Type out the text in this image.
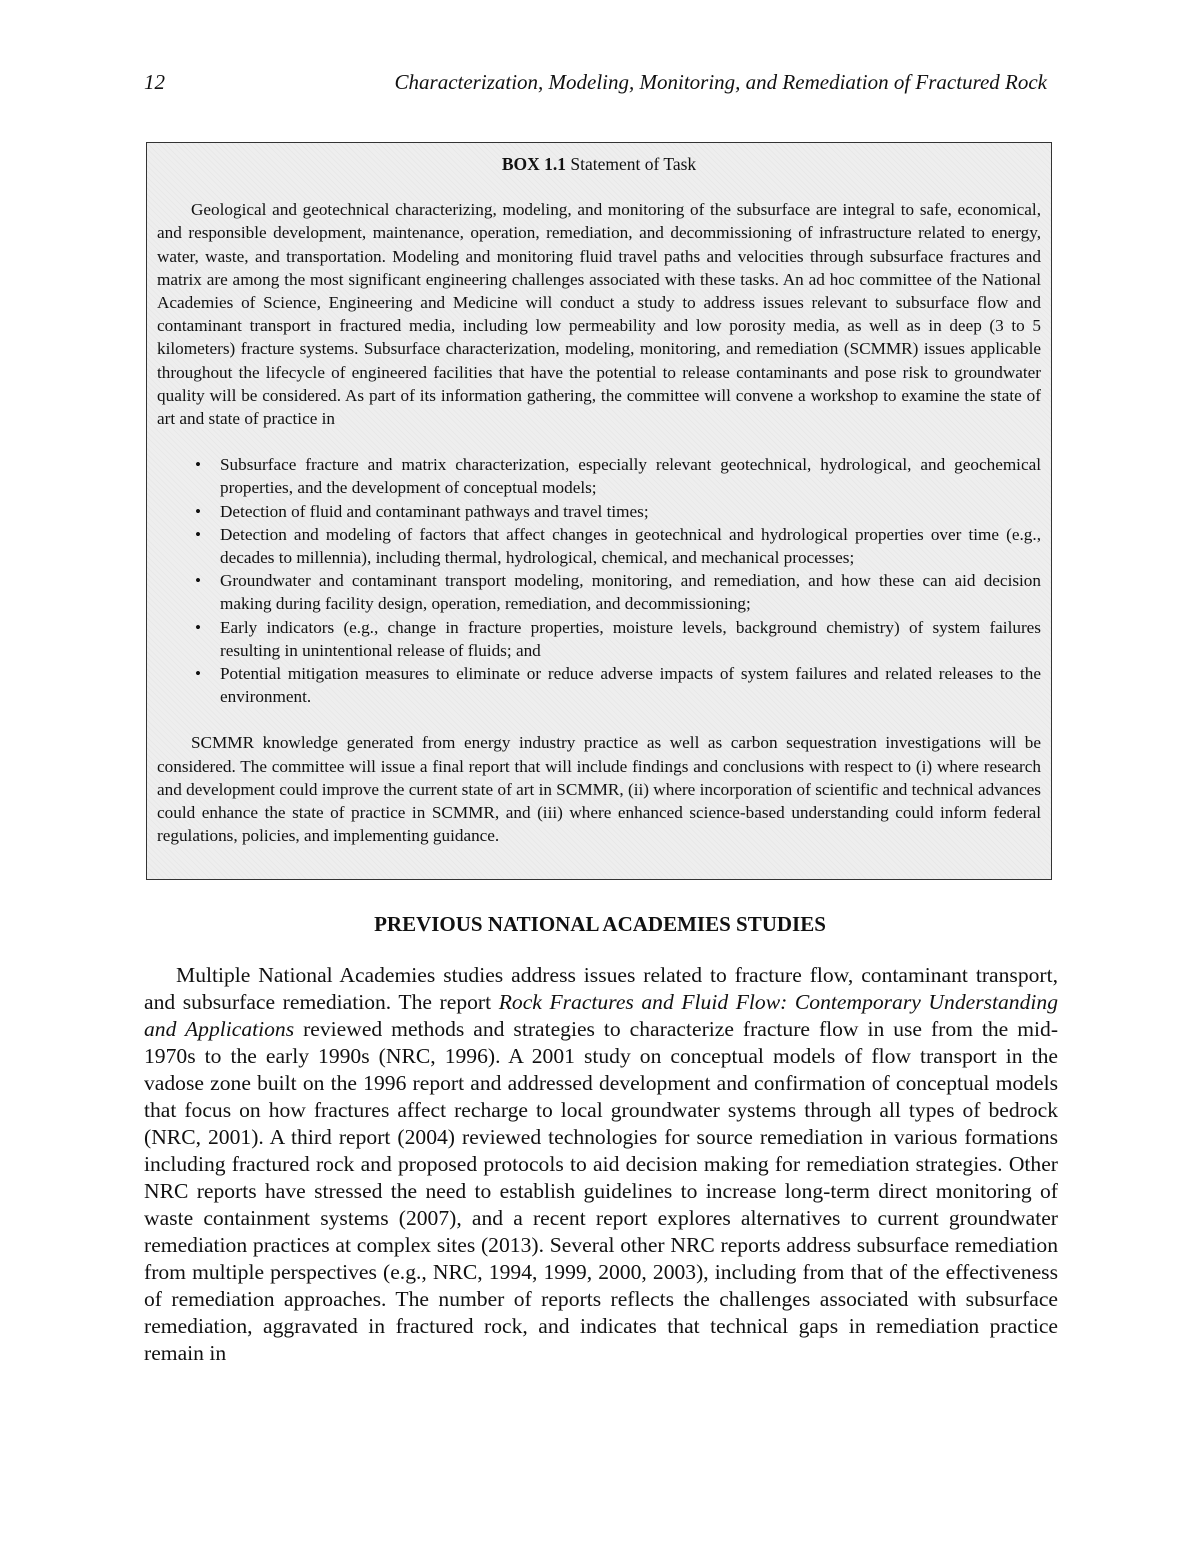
12	Characterization, Modeling, Monitoring, and Remediation of Fractured Rock
BOX 1.1 Statement of Task

Geological and geotechnical characterizing, modeling, and monitoring of the subsurface are integral to safe, economical, and responsible development, maintenance, operation, remediation, and decommissioning of infrastructure related to energy, water, waste, and transportation. Modeling and monitoring fluid travel paths and velocities through subsurface fractures and matrix are among the most significant engineering challenges associated with these tasks. An ad hoc committee of the National Academies of Science, Engineering and Medicine will conduct a study to address issues relevant to subsurface flow and contaminant transport in fractured media, including low permeability and low porosity media, as well as in deep (3 to 5 kilometers) fracture systems. Subsurface characterization, modeling, monitoring, and remediation (SCMMR) issues applicable throughout the lifecycle of engineered facilities that have the potential to release contaminants and pose risk to groundwater quality will be considered. As part of its information gathering, the committee will convene a workshop to examine the state of art and state of practice in

• Subsurface fracture and matrix characterization, especially relevant geotechnical, hydrological, and geochemical properties, and the development of conceptual models;
• Detection of fluid and contaminant pathways and travel times;
• Detection and modeling of factors that affect changes in geotechnical and hydrological properties over time (e.g., decades to millennia), including thermal, hydrological, chemical, and mechanical processes;
• Groundwater and contaminant transport modeling, monitoring, and remediation, and how these can aid decision making during facility design, operation, remediation, and decommissioning;
• Early indicators (e.g., change in fracture properties, moisture levels, background chemistry) of system failures resulting in unintentional release of fluids; and
• Potential mitigation measures to eliminate or reduce adverse impacts of system failures and related releases to the environment.

SCMMR knowledge generated from energy industry practice as well as carbon sequestration investigations will be considered. The committee will issue a final report that will include findings and conclusions with respect to (i) where research and development could improve the current state of art in SCMMR, (ii) where incorporation of scientific and technical advances could enhance the state of practice in SCMMR, and (iii) where enhanced science-based understanding could inform federal regulations, policies, and implementing guidance.

PREVIOUS NATIONAL ACADEMIES STUDIES

Multiple National Academies studies address issues related to fracture flow, contaminant transport, and subsurface remediation. The report Rock Fractures and Fluid Flow: Contemporary Understanding and Applications reviewed methods and strategies to characterize fracture flow in use from the mid-1970s to the early 1990s (NRC, 1996). A 2001 study on conceptual models of flow transport in the vadose zone built on the 1996 report and addressed development and confirmation of conceptual models that focus on how fractures affect recharge to local groundwater systems through all types of bedrock (NRC, 2001). A third report (2004) reviewed technologies for source remediation in various formations including fractured rock and proposed protocols to aid decision making for remediation strategies. Other NRC reports have stressed the need to establish guidelines to increase long-term direct monitoring of waste containment systems (2007), and a recent report explores alternatives to current groundwater remediation practices at complex sites (2013). Several other NRC reports address subsurface remediation from multiple perspectives (e.g., NRC, 1994, 1999, 2000, 2003), including from that of the effectiveness of remediation approaches. The number of reports reflects the challenges associated with subsurface remediation, aggravated in fractured rock, and indicates that technical gaps in remediation practice remain in
